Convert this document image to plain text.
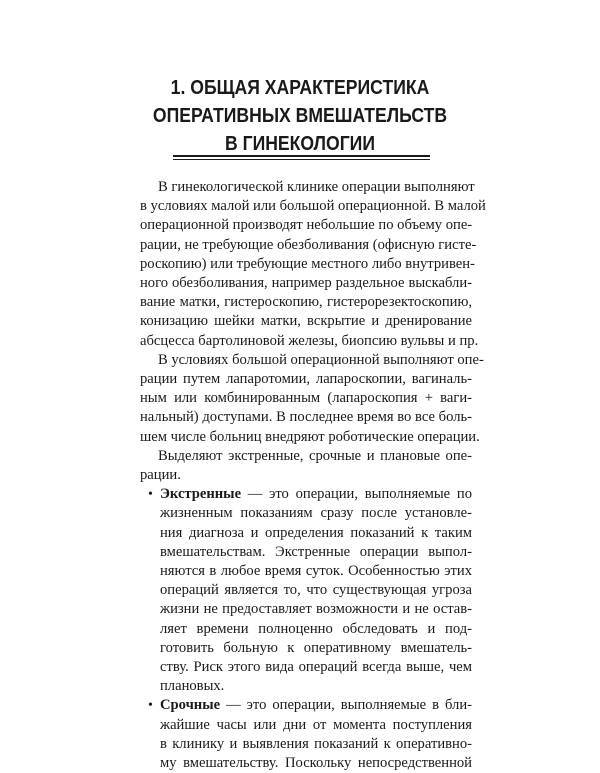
1. ОБЩАЯ ХАРАКТЕРИСТИКА
ОПЕРАТИВНЫХ ВМЕШАТЕЛЬСТВ
В ГИНЕКОЛОГИИ

В гинекологической клинике операции выполняют
в условиях малой или большой операционной. В малой
операционной производят небольшие по объему опе-
рации, не требующие обезболивания (офисную гисте-
роскопию) или требующие местного либо внутривен-
ного обезболивания, например раздельное выскабли-
вание матки, гистероскопию, гистерорезектоскопию,
конизацию шейки матки, вскрытие и дренирование
абсцесса бартолиновой железы, биопсию вульвы и пр.

В условиях большой операционной выполняют опе-
рации путем лапаротомии, лапароскопии, вагиналь-
ным или комбинированным (лапароскопия + ваги-
нальный) доступами. В последнее время во все боль-
шем числе больниц внедряют роботические операции.

Выделяют экстренные, срочные и плановые опе-
рации.

• Экстренные — это операции, выполняемые по
жизненным показаниям сразу после установле-
ния диагноза и определения показаний к таким
вмешательствам. Экстренные операции выпол-
няются в любое время суток. Особенностью этих
операций является то, что существующая угроза
жизни не предоставляет возможности и не остав-
ляет времени полноценно обследовать и под-
готовить больную к оперативному вмешатель-
ству. Риск этого вида операций всегда выше, чем
плановых.
• Срочные — это операции, выполняемые в бли-
жайшие часы или дни от момента поступления
в клинику и выявления показаний к оперативно-
му вмешательству. Поскольку непосредственной
